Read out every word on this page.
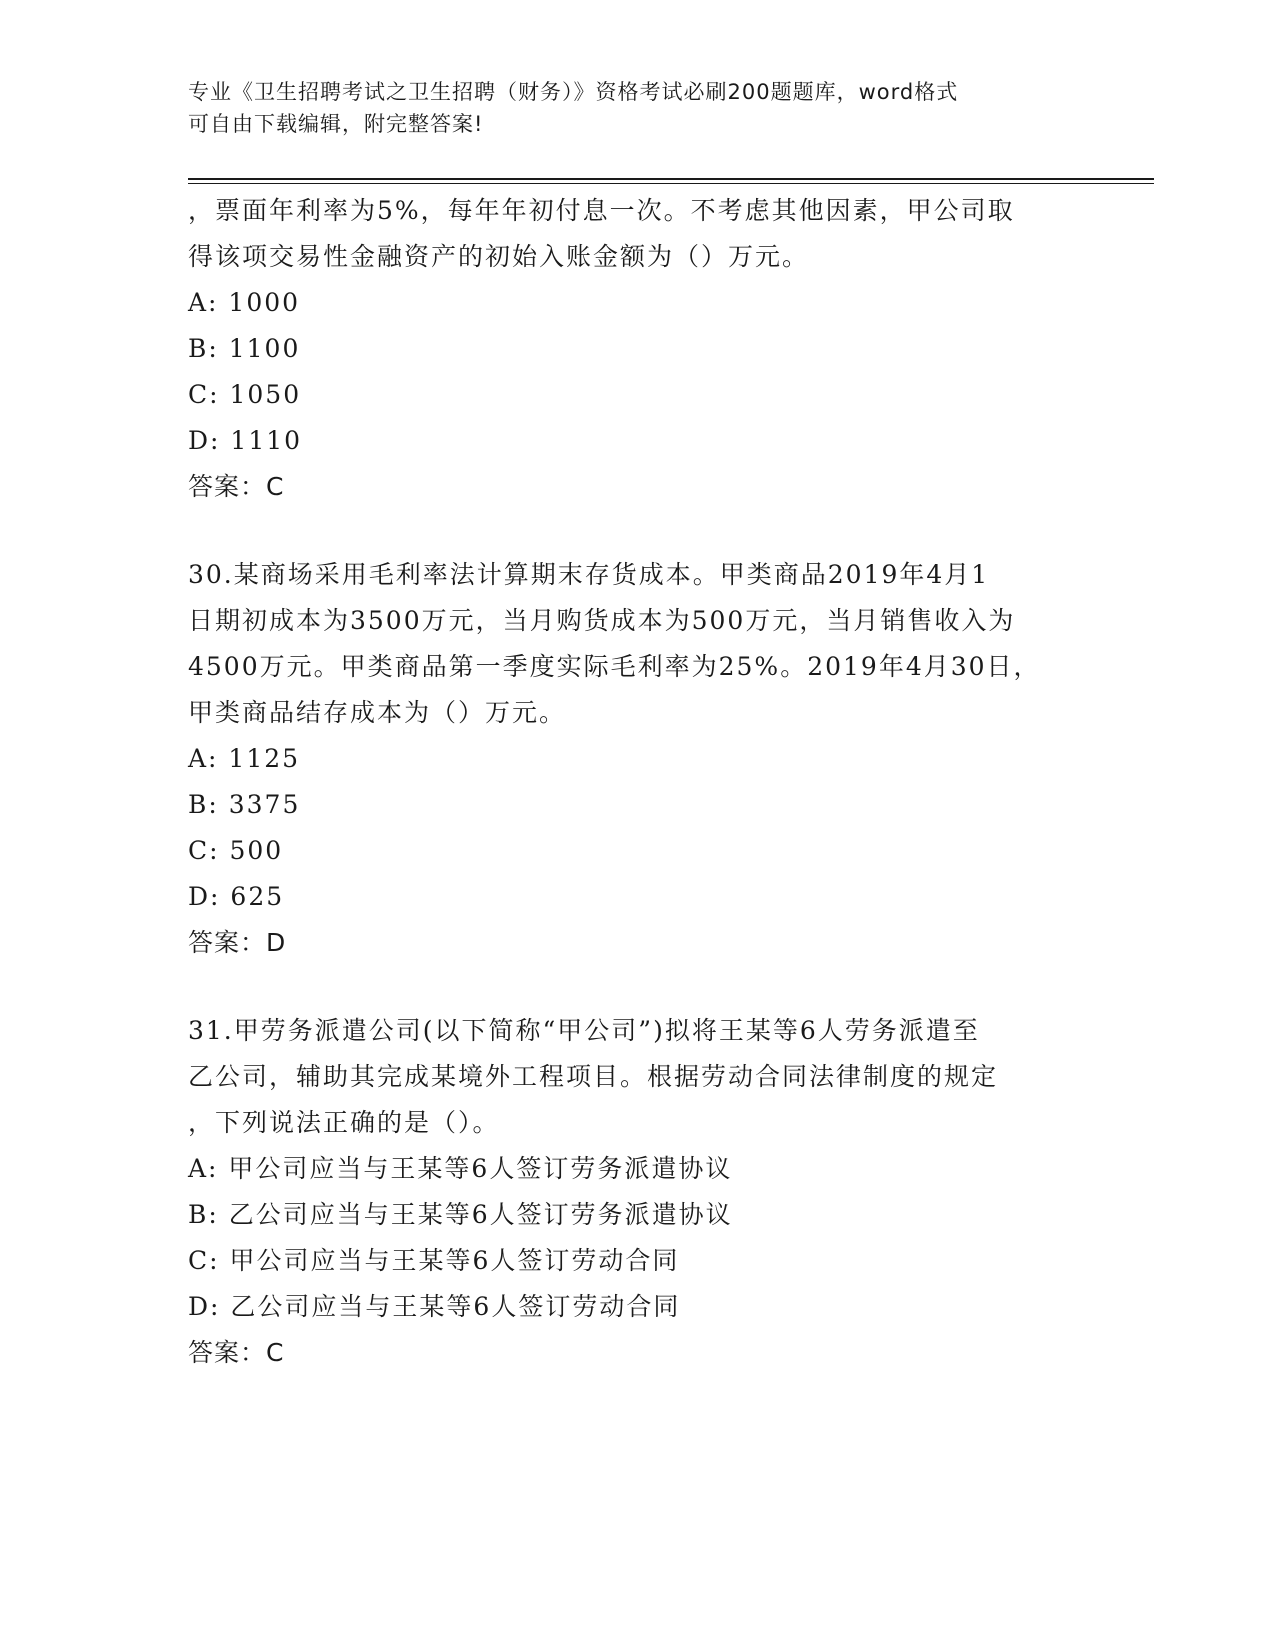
专业《卫生招聘考试之卫生招聘（财务）》资格考试必刷200题题库，word格式
可自由下载编辑，附完整答案!
，票面年利率为5%，每年年初付息一次。不考虑其他因素，甲公司取
得该项交易性金融资产的初始入账金额为（）万元。
A: 1000
B: 1100
C: 1050
D: 1110
答案：C
30.某商场采用毛利率法计算期末存货成本。甲类商品2019年4月1
日期初成本为3500万元，当月购货成本为500万元，当月销售收入为
4500万元。甲类商品第一季度实际毛利率为25%。2019年4月30日，
甲类商品结存成本为（）万元。
A: 1125
B: 3375
C: 500
D: 625
答案：D
31.甲劳务派遣公司(以下简称“甲公司”)拟将王某等6人劳务派遣至
乙公司，辅助其完成某境外工程项目。根据劳动合同法律制度的规定
，下列说法正确的是（）。
A: 甲公司应当与王某等6人签订劳务派遣协议
B: 乙公司应当与王某等6人签订劳务派遣协议
C: 甲公司应当与王某等6人签订劳动合同
D: 乙公司应当与王某等6人签订劳动合同
答案：C
